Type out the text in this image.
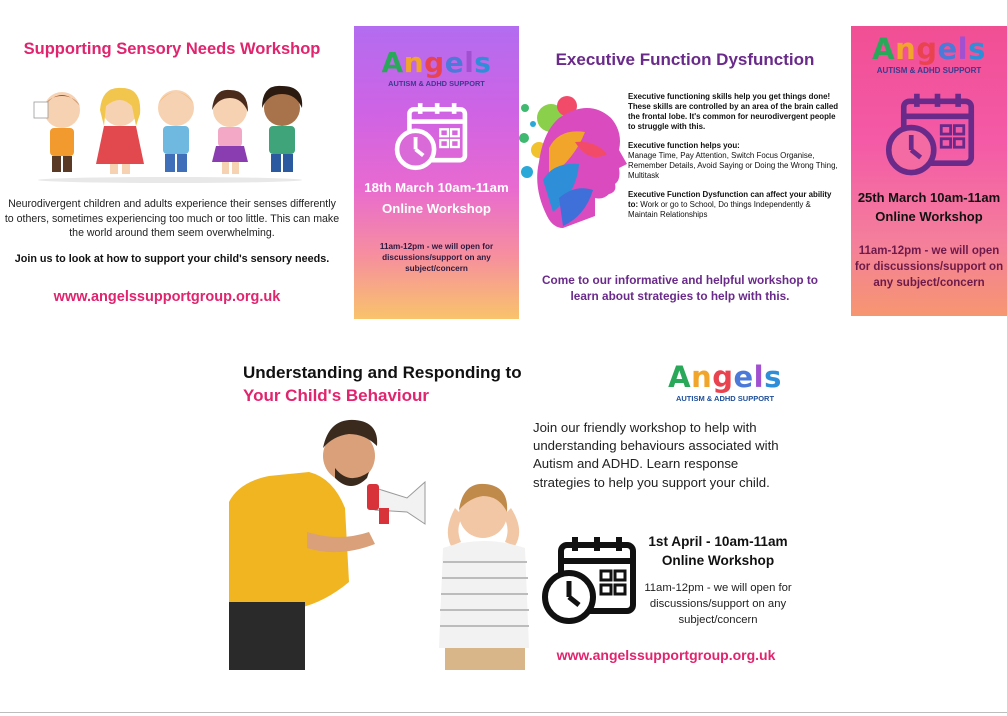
Supporting Sensory Needs Workshop
Neurodivergent children and adults experience their senses differently to others, sometimes experiencing too much or too little. This can make the world around them seem overwhelming.
Join us to look at how to support your child's sensory needs.
www.angelssupportgroup.org.uk
Angels
AUTISM & ADHD SUPPORT
18th March 10am-11am
Online Workshop
11am-12pm - we will open for discussions/support on any subject/concern
Executive Function Dysfunction

Executive functioning skills help you get things done! These skills are controlled by an area of the brain called the frontal lobe. It's common for neurodivergent people to struggle with this.

Executive function helps you:
Manage Time, Pay Attention, Switch Focus Organise, Remember Details, Avoid Saying or Doing the Wrong Thing, Multitask

Executive Function Dysfunction can affect your ability to: Work or go to School, Do things Independently & Maintain Relationships

Come to our informative and helpful workshop to learn about strategies to help with this.
Angels
AUTISM & ADHD SUPPORT
25th March 10am-11am
Online Workshop
11am-12pm - we will open for discussions/support on any subject/concern
Understanding and Responding to
Your Child's Behaviour
Angels
AUTISM & ADHD SUPPORT
Join our friendly workshop to help with understanding behaviours associated with Autism and ADHD. Learn response strategies to help you support your child.
1st April - 10am-11am
Online Workshop
11am-12pm - we will open for discussions/support on any subject/concern
www.angelssupportgroup.org.uk
